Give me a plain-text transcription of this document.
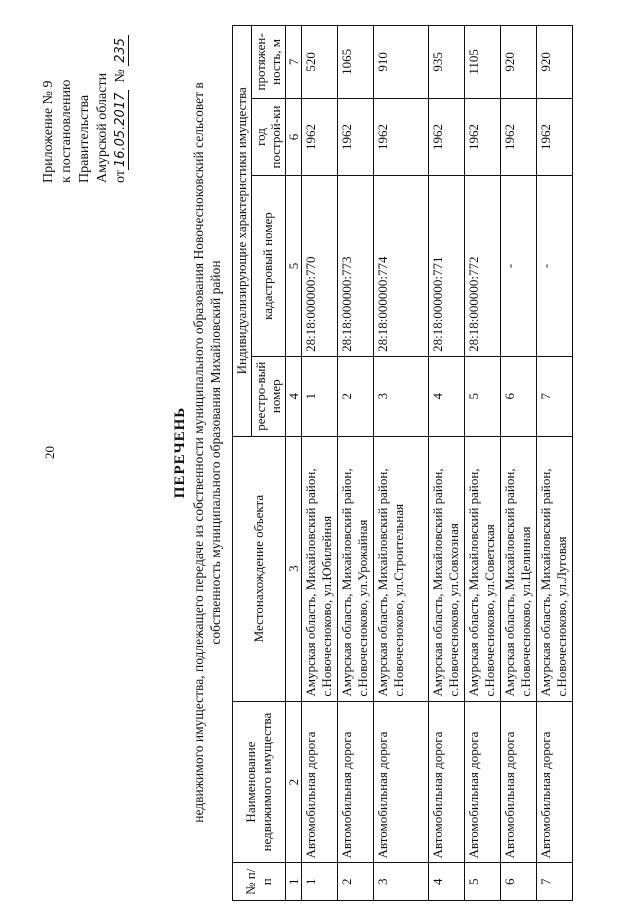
20
Приложение № 9 к постановлению Правительства Амурской области от16.05.2017  № 235
ПЕРЕЧЕНЬ недвижимого имущества, подлежащего передаче из собственности муниципального образования Новочесноковский сельсовет в собственность муниципального образования Михайловский район
№ п/п	Наименование недвижимого имущества	Местонахождение объекта	Индивидуализирующие характеристики имущества			
			реестро-вый номер	кадастровый номер	год построй-ки	протяжен-ность, м
1	2	3	4	5	6	7
1	Автомобильная дорога	Амурская область, Михайловский район, с.Новочесноково, ул.Юбилейная	1	28:18:000000:770	1962	520
2	Автомобильная дорога	Амурская область, Михайловский район, с.Новочесноково, ул.Урожайная	2	28:18:000000:773	1962	1065
3	Автомобильная дорога	Амурская область, Михайловский район, с.Новочесноково, ул.Строительная	3	28:18:000000:774	1962	910
4	Автомобильная дорога	Амурская область, Михайловский район, с.Новочесноково, ул.Совхозная	4	28:18:000000:771	1962	935
5	Автомобильная дорога	Амурская область, Михайловский район, с.Новочесноково, ул.Советская	5	28:18:000000:772	1962	1105
6	Автомобильная дорога	Амурская область, Михайловский район, с.Новочесноково, ул.Целинная	6	-	1962	920
7	Автомобильная дорога	Амурская область, Михайловский район, с.Новочесноково, ул.Луговая	7	-	1962	920
